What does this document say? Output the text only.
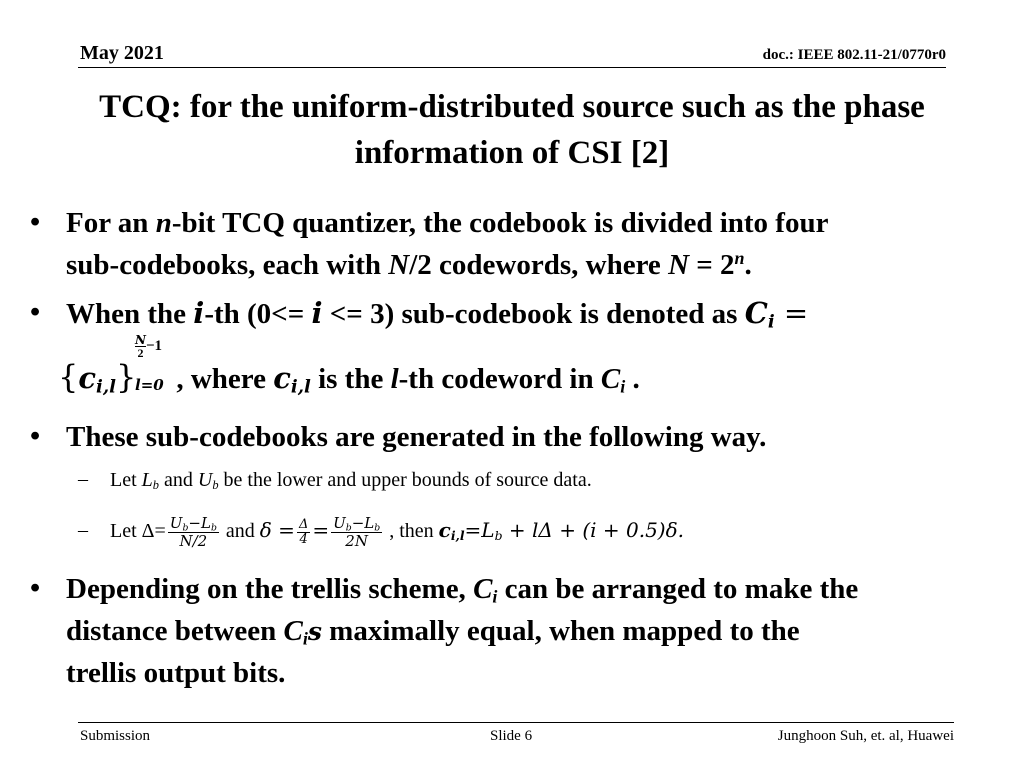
May 2021	doc.: IEEE 802.11-21/0770r0
TCQ: for the uniform-distributed source such as the phase
information of CSI [2]
• For an n-bit TCQ quantizer, the codebook is divided into four
sub-codebooks, each with N/2 codewords, where $N = 2^n$.
• When the i-th (0<= i <= 3) sub-codebook is denoted as $C_i$ =
$\{c_{i,l}\}$ , where $c_{i,l}$ is the l-th codeword in $C_i$ .
$\frac{N}{2}-1$
l=0
• These sub-codebooks are generated in the following way.
– Let $L_b$ and $U_b$ be the lower and upper bounds of source data.
– Let $\Delta= \frac{U_b-L_b}{N/2}$ and $\delta = \frac{\Delta}{4} = \frac{U_b-L_b}{2N}$ , then $c_{i,l}=L_b + l\Delta + (i + 0.5)\delta$.
• Depending on the trellis scheme, $C_i$ can be arranged to make the
distance between $C_is$ maximally equal, when mapped to the
trellis output bits.
Submission	Slide 6	Junghoon Suh, et. al, Huawei
